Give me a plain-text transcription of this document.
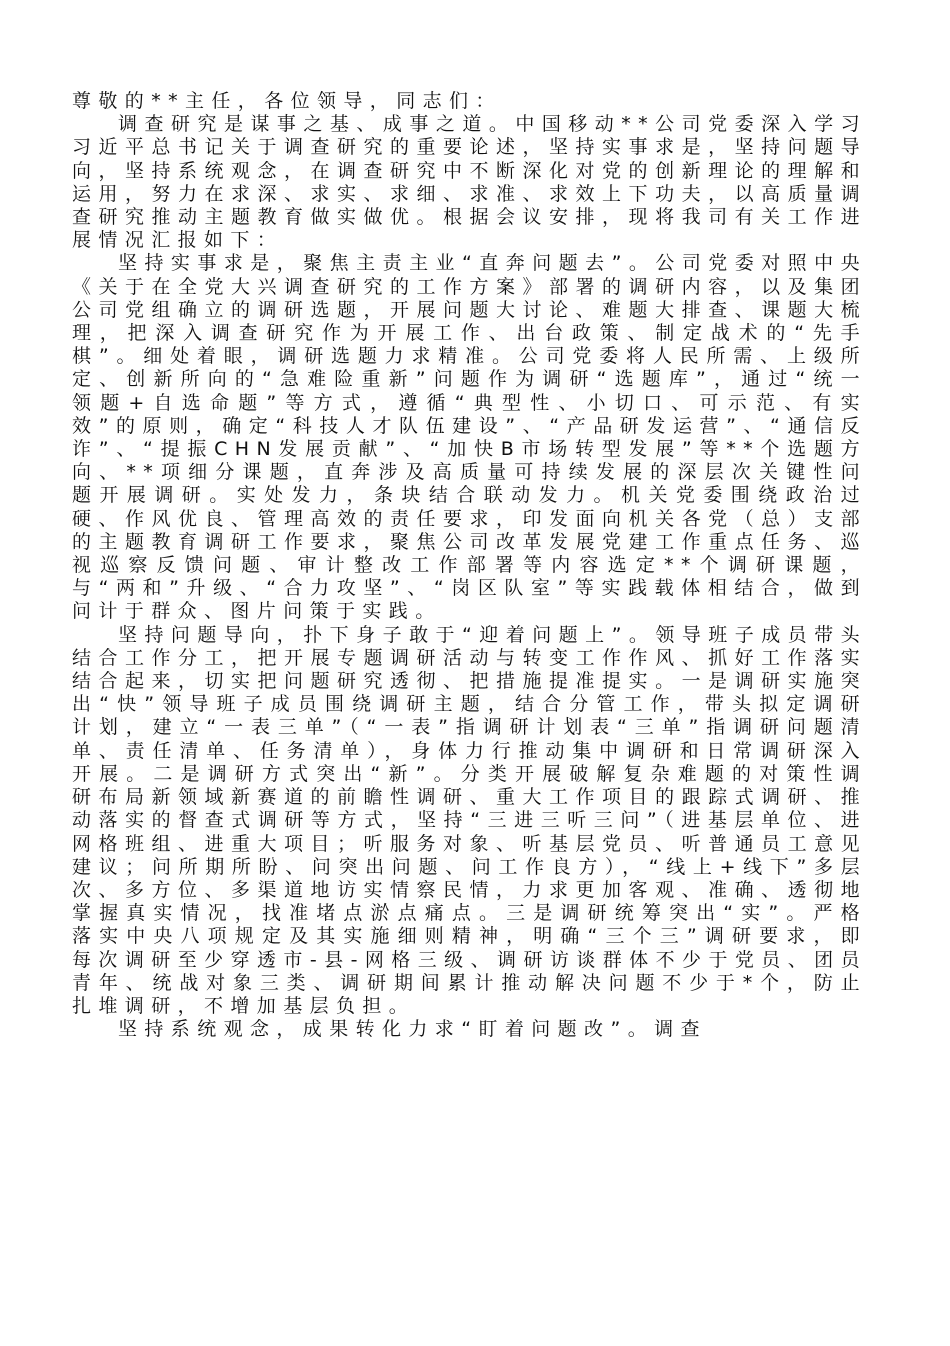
尊敬的**主任，各位领导，同志们：

调查研究是谋事之基、成事之道。中国移动**公司党委深入学习习近平总书记关于调查研究的重要论述，坚持实事求是，坚持问题导向，坚持系统观念，在调查研究中不断深化对党的创新理论的理解和运用，努力在求深、求实、求细、求准、求效上下功夫，以高质量调查研究推动主题教育做实做优。根据会议安排，现将我司有关工作进展情况汇报如下：

坚持实事求是，聚焦主责主业“直奔问题去”。公司党委对照中央《关于在全党大兴调查研究的工作方案》部署的调研内容，以及集团公司党组确立的调研选题，开展问题大讨论、难题大排查、课题大梳理，把深入调查研究作为开展工作、出台政策、制定战术的“先手棋”。细处着眼，调研选题力求精准。公司党委将人民所需、上级所定、创新所向的“急难险重新”问题作为调研“选题库”，通过“统一领题+自选命题”等方式，遵循“典型性、小切口、可示范、有实效”的原则，确定“科技人才队伍建设”、“产品研发运营”、“通信反诈”、“提振CHN发展贡献”、“加快B市场转型发展”等**个选题方向、**项细分课题，直奔涉及高质量可持续发展的深层次关键性问题开展调研。实处发力，条块结合联动发力。机关党委围绕政治过硬、作风优良、管理高效的责任要求，印发面向机关各党（总）支部的主题教育调研工作要求，聚焦公司改革发展党建工作重点任务、巡视巡察反馈问题、审计整改工作部署等内容选定**个调研课题，与“两和”升级、“合力攻坚”、“岗区队室”等实践载体相结合，做到问计于群众、图片问策于实践。

坚持问题导向，扑下身子敢于“迎着问题上”。领导班子成员带头结合工作分工，把开展专题调研活动与转变工作作风、抓好工作落实结合起来，切实把问题研究透彻、把措施提准提实。一是调研实施突出“快”领导班子成员围绕调研主题，结合分管工作，带头拟定调研计划，建立“一表三单”（“一表”指调研计划表“三单”指调研问题清单、责任清单、任务清单），身体力行推动集中调研和日常调研深入开展。二是调研方式突出“新”。分类开展破解复杂难题的对策性调研布局新领域新赛道的前瞻性调研、重大工作项目的跟踪式调研、推动落实的督查式调研等方式，坚持“三进三听三问”（进基层单位、进网格班组、进重大项目；听服务对象、听基层党员、听普通员工意见建议；问所期所盼、问突出问题、问工作良方），“线上+线下”多层次、多方位、多渠道地访实情察民情，力求更加客观、准确、透彻地掌握真实情况，找准堵点淤点痛点。三是调研统筹突出“实”。严格落实中央八项规定及其实施细则精神，明确“三个三”调研要求，即每次调研至少穿透市-县-网格三级、调研访谈群体不少于党员、团员青年、统战对象三类、调研期间累计推动解决问题不少于*个，防止扎堆调研，不增加基层负担。

坚持系统观念，成果转化力求“盯着问题改”。调查
